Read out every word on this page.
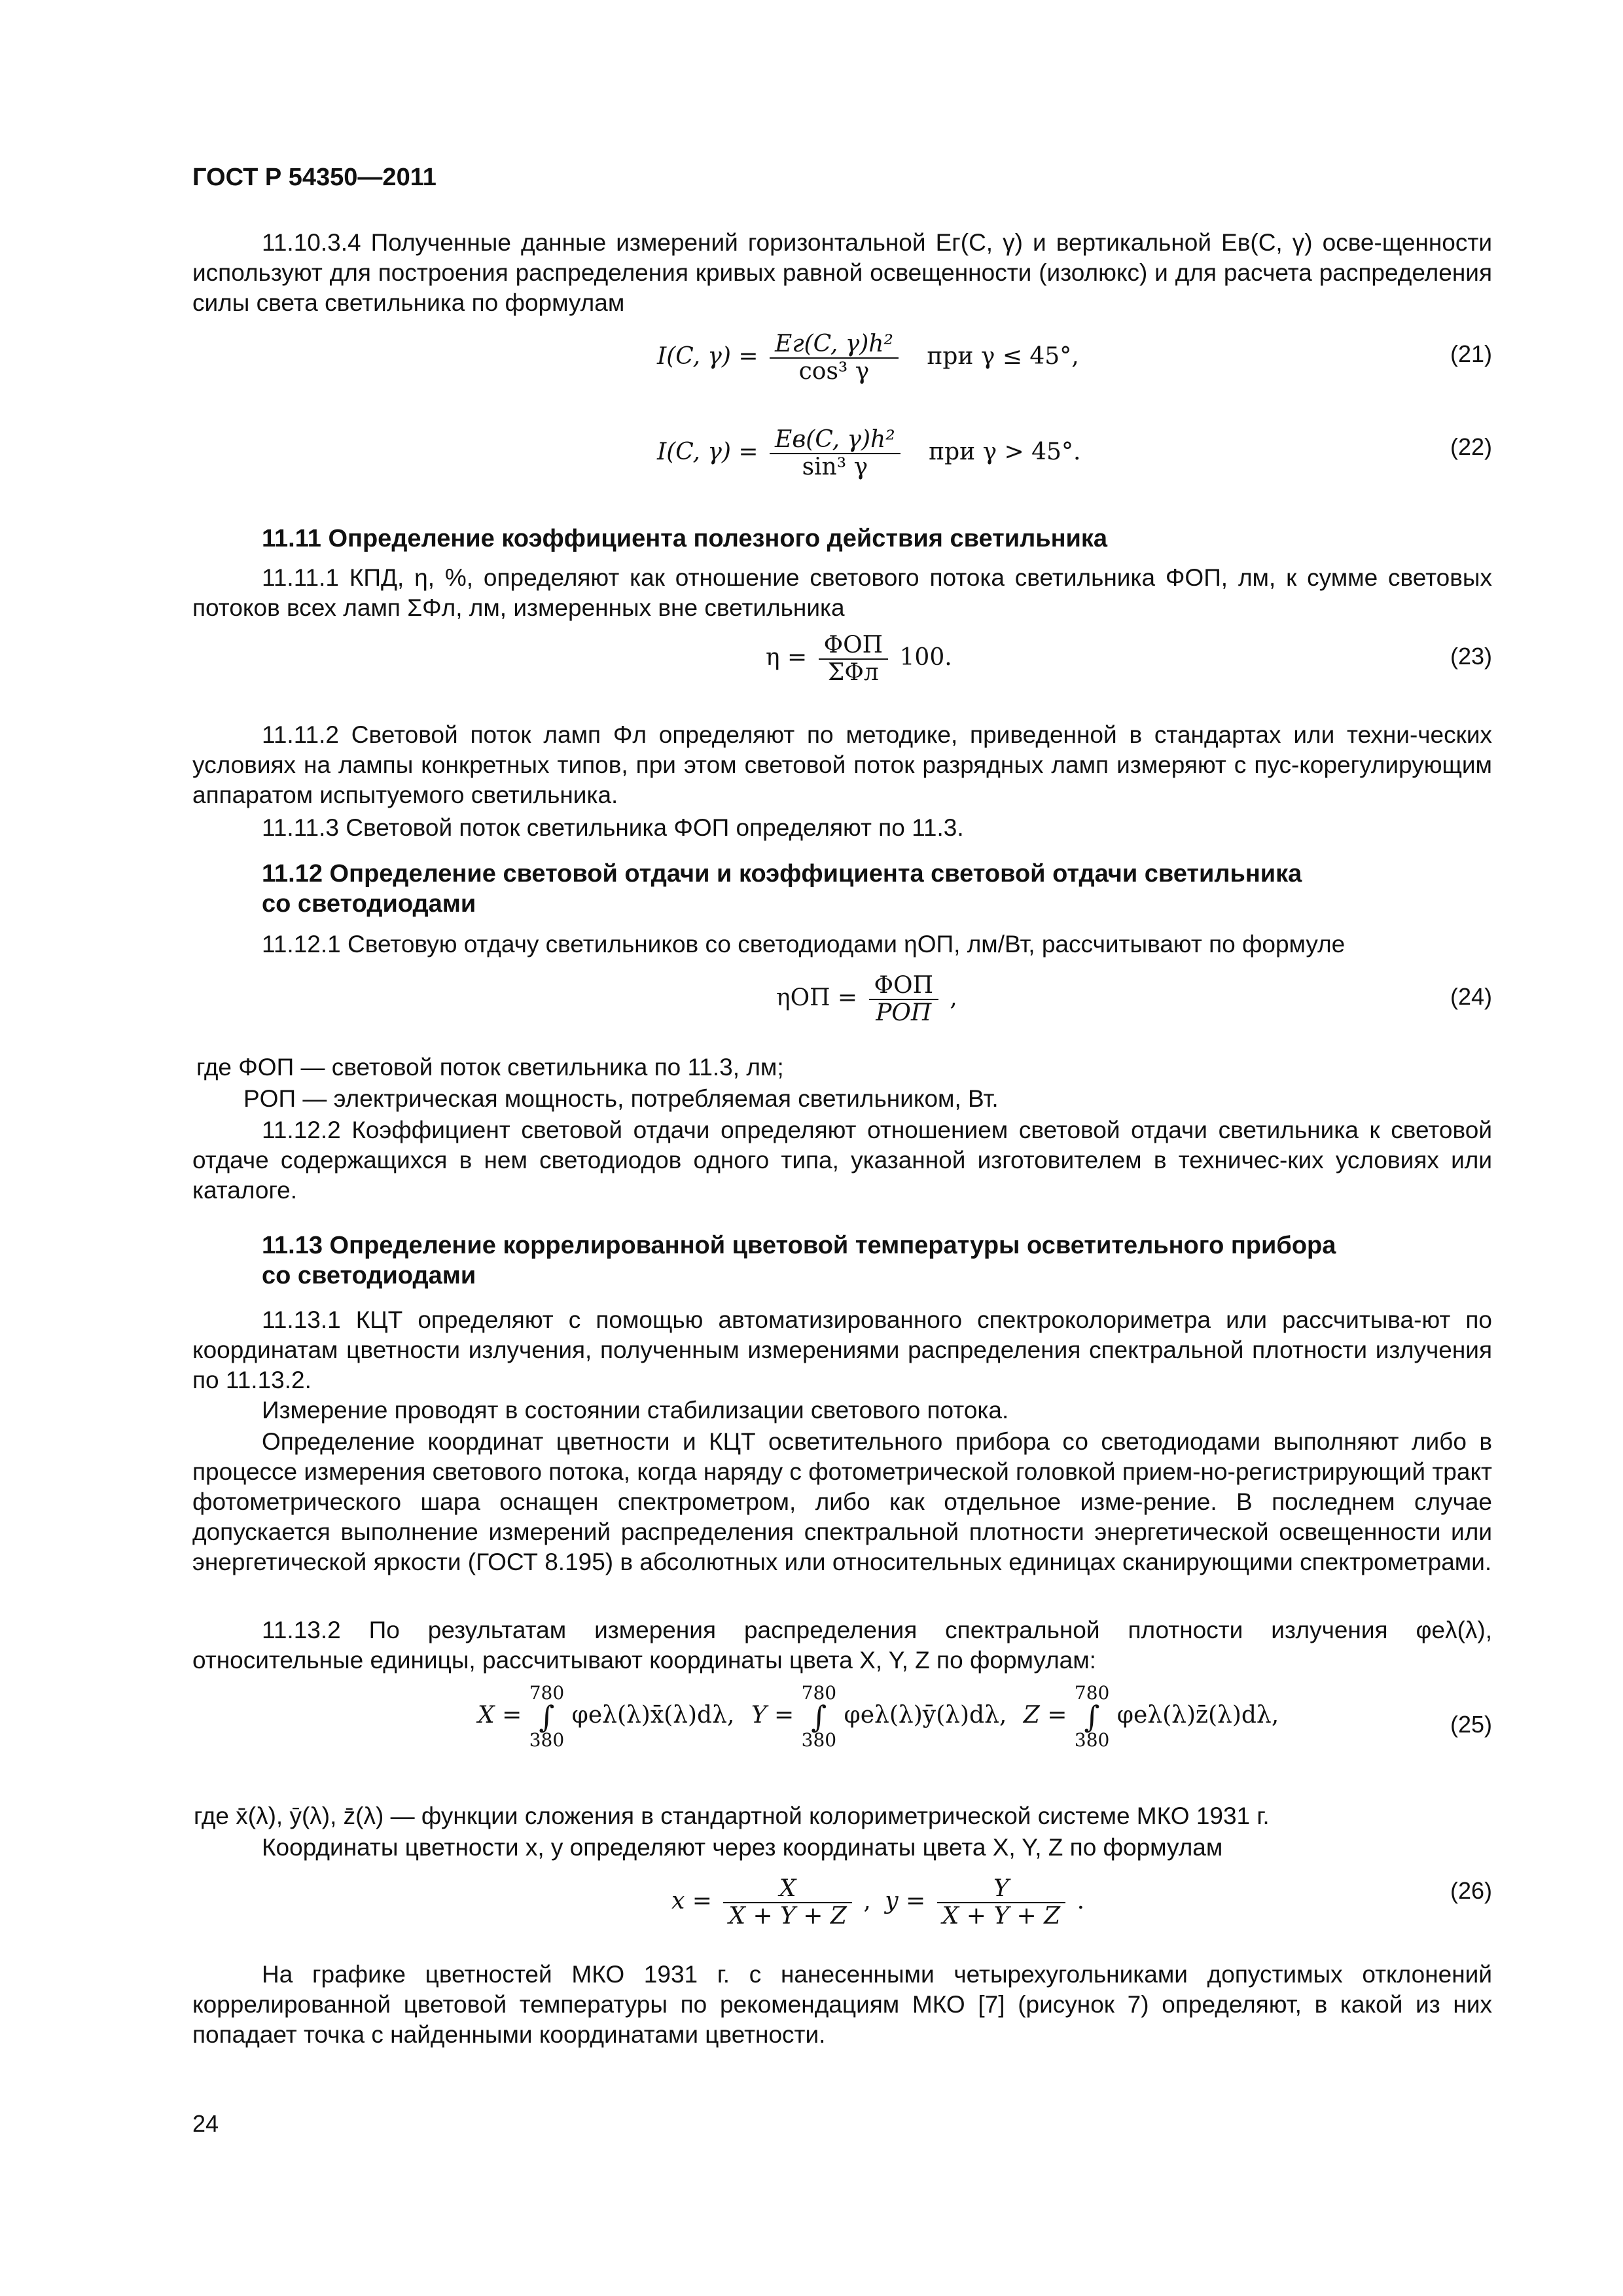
ГОСТ Р 54350—2011

11.10.3.4 Полученные данные измерений горизонтальной Eг(C, γ) и вертикальной Eв(C, γ) осве-щенности используют для построения распределения кривых равной освещенности (изолюкс) и для расчета распределения силы света светильника по формулам

I(C, $\gamma) = \frac{\text{Eг(C, γ)h²}}{\text{cos³ γ}}$ при γ ≤ 45°,	(21)
I(C, $\gamma) = \frac{\text{Eв(C, γ)h²}}{\text{sin³ γ}}$ при γ > 45°.	(22)
11.11 Определение коэффициента полезного действия светильника

11.11.1 КПД, η, %, определяют как отношение светового потока светильника ΦОП, лм, к сумме световых потоков всех ламп ΣΦл, лм, измеренных вне светильника

$\eta = \frac{\text{ΦОП}}{\text{ΣΦл}} 100$.	(23)

11.11.2 Световой поток ламп Φл определяют по методике, приведенной в стандартах или техни-ческих условиях на лампы конкретных типов, при этом световой поток разрядных ламп измеряют с пус-корегулирующим аппаратом испытуемого светильника.

11.11.3 Световой поток светильника ΦОП определяют по 11.3.

11.12 Определение световой отдачи и коэффициента световой отдачи светильника
со светодиодами

11.12.1 Световую отдачу светильников со светодиодами ηОП, лм/Вт, рассчитывают по формуле

$\eta ОП = \frac{\text{ΦОП}}{\text{PОП}}$ ,	(24)
где ΦОП — световой поток светильника по 11.3, лм;
PОП — электрическая мощность, потребляемая светильником, Вт.

11.12.2 Коэффициент световой отдачи определяют отношением световой отдачи светильника к световой отдаче содержащихся в нем светодиодов одного типа, указанной изготовителем в техничес-ких условиях или каталоге.

11.13 Определение коррелированной цветовой температуры осветительного прибора
со светодиодами

11.13.1 КЦТ определяют с помощью автоматизированного спектроколориметра или рассчитыва-ют по координатам цветности излучения, полученным измерениями распределения спектральной плотности излучения по 11.13.2.

Измерение проводят в состоянии стабилизации светового потока.

Определение координат цветности и КЦТ осветительного прибора со светодиодами выполняют либо в процессе измерения светового потока, когда наряду с фотометрической головкой прием-но-регистрирующий тракт фотометрического шара оснащен спектрометром, либо как отдельное изме-рение. В последнем случае допускается выполнение измерений распределения спектральной плотности энергетической освещенности или энергетической яркости (ГОСТ 8.195) в абсолютных или относительных единицах сканирующими спектрометрами.

11.13.2 По результатам измерения распределения спектральной плотности излучения φeλ(λ), относительные единицы, рассчитывают координаты цвета X, Y, Z по формулам:

X =
780
∫
380
φeλ(λ)x̄(λ)dλ, Y =
780
∫
380
φeλ(λ)ȳ(λ)dλ, Z =
780
∫
380
φeλ(λ)z̄(λ)dλ,	(25)
где x̄(λ), ȳ(λ), z̄(λ) — функции сложения в стандартной колориметрической системе МКО 1931 г.

Координаты цветности x, y определяют через координаты цвета X, Y, Z по формулам

$x = \frac{X}{X + Y + Z}$ , $y = \frac{Y}{X + Y + Z}$ .	(26)

На графике цветностей МКО 1931 г. с нанесенными четырехугольниками допустимых отклонений коррелированной цветовой температуры по рекомендациям МКО [7] (рисунок 7) определяют, в какой из них попадает точка с найденными координатами цветности.

24
